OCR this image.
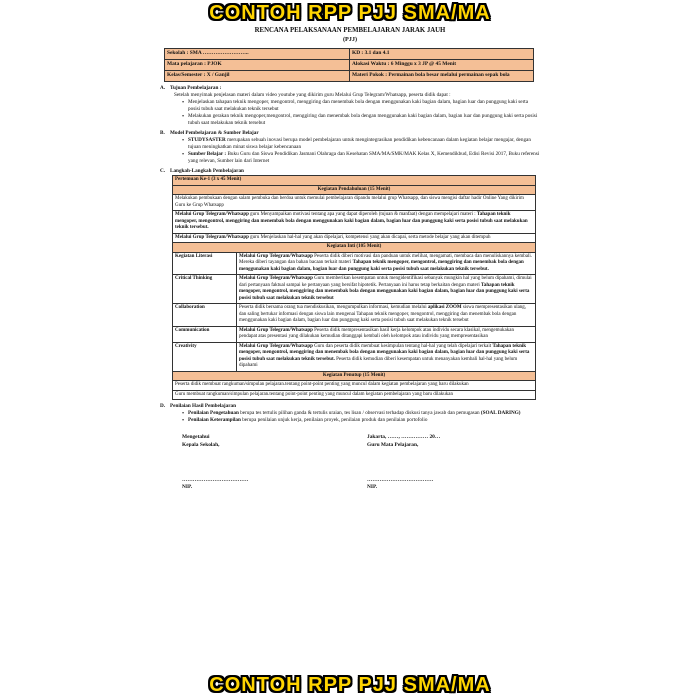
CONTOH RPP PJJ SMA/MA
RENCANA PELAKSANAAN PEMBELAJARAN JARAK JAUH
(PJJ)
Sekolah : SMA ……………………..	KD : 3.1 dan 4.1
Mata pelajaran : PJOK	Alokasi Waktu : 6 Minggu x 3 JP @ 45 Menit
Kelas/Semester : X / Ganjil	Materi Pokok : Permainan bola besar melalui permainan sepak bola
A. Tujuan Pembelajaran :
Setelah menyimak penjelasan materi dalam video youtube yang dikirim guru Melalui Grup Telegram/Whatsapp, peserta didik dapat :
• Menjelaskan tahapan teknik mengoper, mengontrol, menggiring dan menembak bola dengan menggunakan kaki bagian dalam, bagian luar dan punggung kaki serta posisi tubuh saat melakukan teknik tersebut
• Melakukan gerakan teknik mengoper,mengontrol, menggiring dan menembak bola dengan menggunakan kaki bagian dalam, bagian luar dan punggung kaki serta posisi tubuh saat melakukan teknik tersebut
B. Model Pembelajaran & Sumber Belajar
• STUDYSASTER merupakan sebuah inovasi berupa model pembelajaran untuk mengintegrasikan pendidikan kebencanaan dalam kegiatan belajar mengajar, dengan tujuan meningkatkan minat siswa belajar kebencanaan
• Sumber Belajar : Buku Guru dan Siswa Pendidikan Jasmani Olahraga dan Kesehatan SMA/MA/SMK/MAK Kelas X, Kemendikbud, Edisi Revisi 2017, Buku referensi yang relevan, Sumber lain dari Internet
C. Langkah-Langkah Pembelajaran
Pertemuan Ke-1 (3 x 45 Menit)	
Kegiatan Pendahuluan (15 Menit)	
Melakukan pembukaan dengan salam pembuka dan berdoa untuk memulai pembelajaran dipandu melalui grup Whatsapp, dan siswa mengisi daftar hadir Online Yang dikirim Guru ke Grup Whatsapp	
Melalui Grup Telegram/Whatsapp guru Menyampaikan motivasi tentang apa yang dapat diperoleh (tujuan & manfaat) dengan mempelajari materi : Tahapan teknik mengoper, mengontrol, menggiring dan menembak bola dengan menggunakan kaki bagian dalam, bagian luar dan punggung kaki serta posisi tubuh saat melakukan teknik tersebut.	
Melalui Grup Telegram/Whatsapp guru Menjelaskan hal-hal yang akan dipelajari, kompetensi yang akan dicapai, serta metode belajar yang akan ditempuh	
Kegiatan Inti (105 Menit)	
Kegiatan Literasi	Melalui Grup Telegram/Whatsapp Peserta didik diberi motivasi dan panduan untuk melihat, mengamati, membaca dan menuliskannya kembali. Mereka diberi tayangan dan bahan bacaan terkait materi Tahapan teknik mengoper, mengontrol, menggiring dan menembak bola dengan menggunakan kaki bagian dalam, bagian luar dan punggung kaki serta posisi tubuh saat melakukan teknik tersebut.
Critical Thinking	Melalui Grup Telegram/Whatsapp Guru memberikan kesempatan untuk mengidentifikasi sebanyak mungkin hal yang belum dipahami, dimulai dari pertanyaan faktual sampai ke pertanyaan yang bersifat hipotetik. Pertanyaan ini harus tetap berkaitan dengan materi Tahapan teknik mengoper, mengontrol, menggiring dan menembak bola dengan menggunakan kaki bagian dalam, bagian luar dan punggung kaki serta posisi tubuh saat melakukan teknik tersebut
Collaboration	Peserta didik bersama orang tua mendiskusikan, mengumpulkan informasi, kemudian melalui aplikasi ZOOM siswa mempresentasikan ulang, dan saling bertukar informasi dengan siswa lain mengenai Tahapan teknik mengoper, mengontrol, menggiring dan menembak bola dengan menggunakan kaki bagian dalam, bagian luar dan punggung kaki serta posisi tubuh saat melakukan teknik tersebut
Communication	Melalui Grup Telegram/Whatsapp Peserta didik mempresentasikan hasil kerja kelompok atau individu secara klasikal, mengemukakan pendapat atas presentasi yang dilakukan kemudian ditanggapi kembali oleh kelompok atau individu yang mempresentasikan
Creativity	Melalui Grup Telegram/Whatsapp Guru dan peserta didik membuat kesimpulan tentang hal-hal yang telah dipelajari terkait Tahapan teknik mengoper, mengontrol, menggiring dan menembak bola dengan menggunakan kaki bagian dalam, bagian luar dan punggung kaki serta posisi tubuh saat melakukan teknik tersebut. Peserta didik kemudian diberi kesempatan untuk menanyakan kembali hal-hal yang belum dipahami
Kegiatan Penutup (15 Menit)	
Peserta didik membuat rangkuman/simpulan pelajaran.tentang point-point penting yang muncul dalam kegiatan pembelajaran yang baru dilakukan	
Guru membuat rangkuman/simpulan pelajaran.tentang point-point penting yang muncul dalam kegiatan pembelajaran yang baru dilakukan	
D. Penilaian Hasil Pembelajaran
• Penilaian Pengetahuan berupa tes tertulis pilihan ganda & tertulis uraian, tes lisan / observasi terhadap diskusi tanya jawab dan pemugasan (SOAL DARING)
• Penilaian Keterampilan berupa penilaian unjuk kerja, penilaian proyek, penilaian produk dan penilaian portofolio
Mengetahui
Kepala Sekolah,
……………………………….
NIP.
Jakarta, ……, …………… 20…
Guru Mata Pelajaran,
……………………………….
NIP.
CONTOH RPP PJJ SMA/MA
